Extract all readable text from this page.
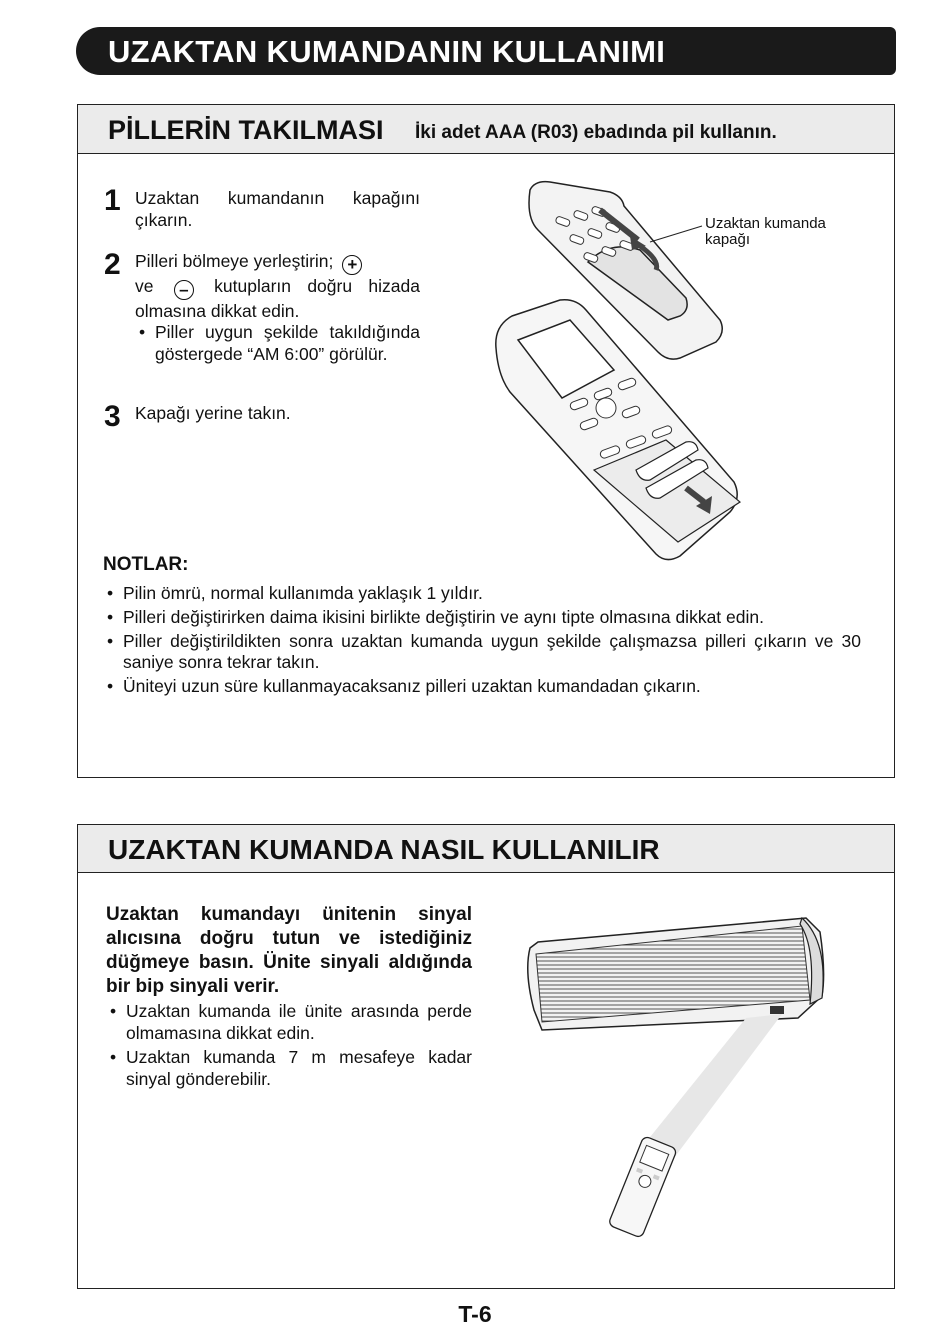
UZAKTAN KUMANDANIN KULLANIMI
PİLLERİN TAKILMASI İki adet AAA (R03) ebadında pil kullanın.
1 Uzaktan kumandanın kapağını çıkarın.
2 Pilleri bölmeye yerleştirin; +
ve – kutupların doğru hizada olmasına dikkat edin.
• Piller uygun şekilde takıldığında göstergede “AM 6:00” görülür.
3 Kapağı yerine takın.
Uzaktan kumanda kapağı
NOTLAR:
• Pilin ömrü, normal kullanımda yaklaşık 1 yıldır.
• Pilleri değiştirirken daima ikisini birlikte değiştirin ve aynı tipte olmasına dikkat edin.
• Piller değiştirildikten sonra uzaktan kumanda uygun şekilde çalışmazsa pilleri çıkarın ve 30 saniye sonra tekrar takın.
• Üniteyi uzun süre kullanmayacaksanız pilleri uzaktan kumandadan çıkarın.
UZAKTAN KUMANDA NASIL KULLANILIR
Uzaktan kumandayı ünitenin sinyal alıcısına doğru tutun ve istediğiniz düğmeye basın. Ünite sinyali aldığında bir bip sinyali verir.
• Uzaktan kumanda ile ünite arasında perde olmamasına dikkat edin.
• Uzaktan kumanda 7 m mesafeye kadar sinyal gönderebilir.
T-6
